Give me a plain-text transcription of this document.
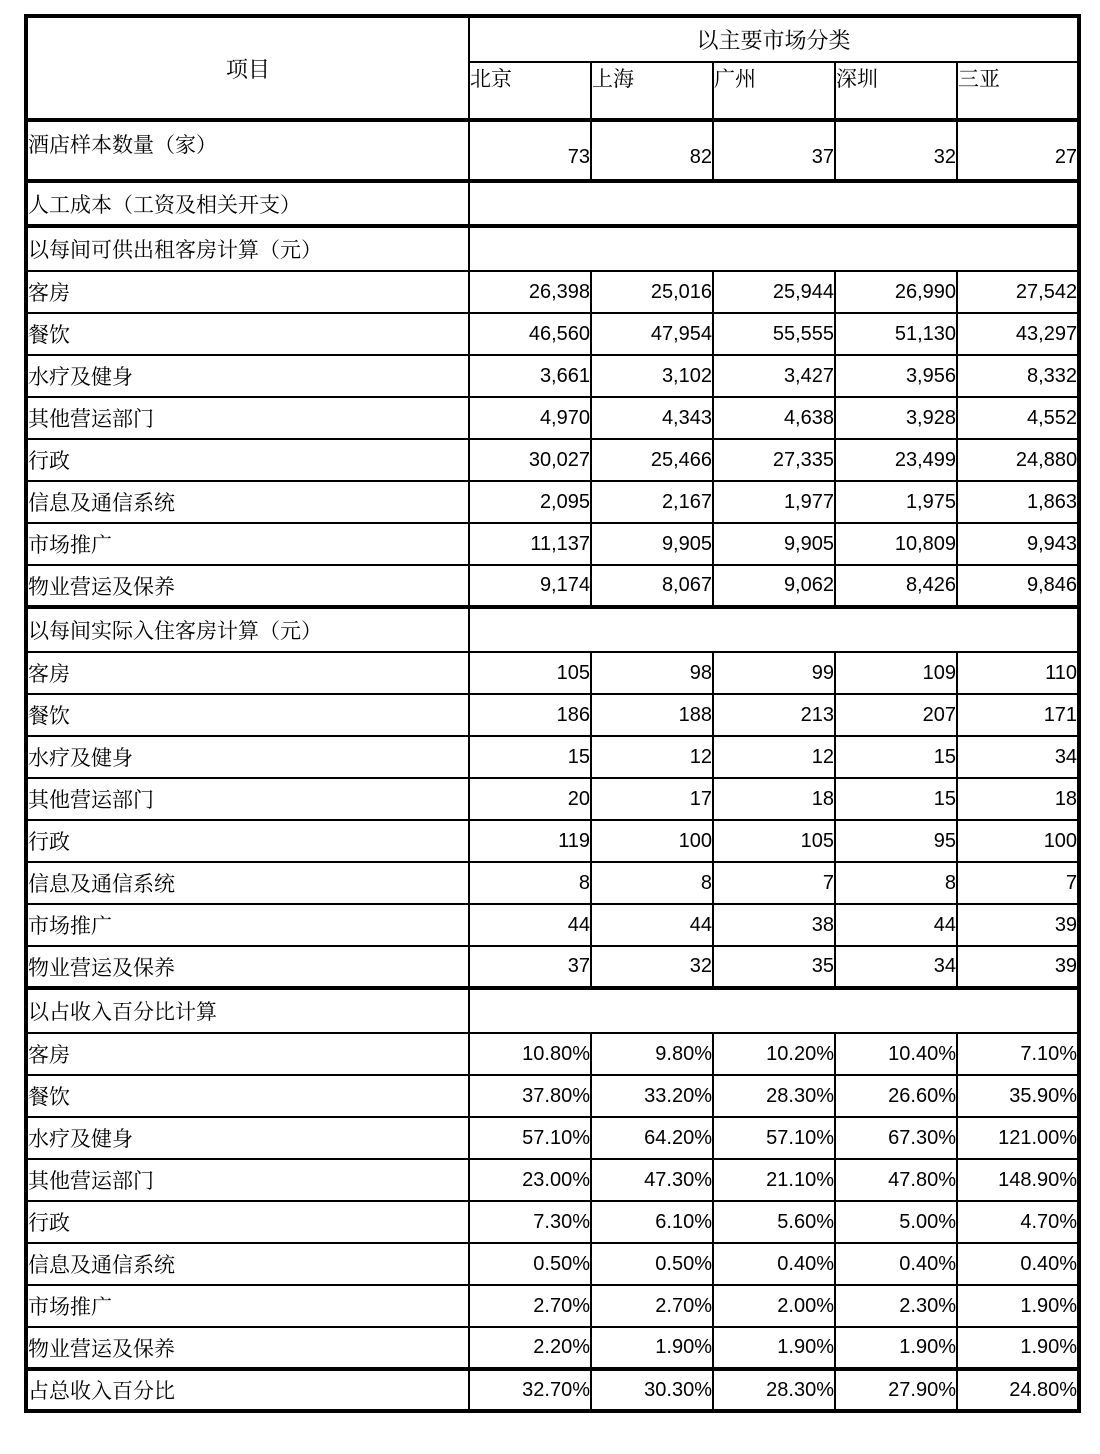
项目	以主要市场分类				
	北京	上海	广州	深圳	三亚
酒店样本数量（家）	73	82	37	32	27
人工成本（工资及相关开支）					
以每间可供出租客房计算（元）					
客房	26,398	25,016	25,944	26,990	27,542
餐饮	46,560	47,954	55,555	51,130	43,297
水疗及健身	3,661	3,102	3,427	3,956	8,332
其他营运部门	4,970	4,343	4,638	3,928	4,552
行政	30,027	25,466	27,335	23,499	24,880
信息及通信系统	2,095	2,167	1,977	1,975	1,863
市场推广	11,137	9,905	9,905	10,809	9,943
物业营运及保养	9,174	8,067	9,062	8,426	9,846
以每间实际入住客房计算（元）					
客房	105	98	99	109	110
餐饮	186	188	213	207	171
水疗及健身	15	12	12	15	34
其他营运部门	20	17	18	15	18
行政	119	100	105	95	100
信息及通信系统	8	8	7	8	7
市场推广	44	44	38	44	39
物业营运及保养	37	32	35	34	39
以占收入百分比计算					
客房	10.80%	9.80%	10.20%	10.40%	7.10%
餐饮	37.80%	33.20%	28.30%	26.60%	35.90%
水疗及健身	57.10%	64.20%	57.10%	67.30%	121.00%
其他营运部门	23.00%	47.30%	21.10%	47.80%	148.90%
行政	7.30%	6.10%	5.60%	5.00%	4.70%
信息及通信系统	0.50%	0.50%	0.40%	0.40%	0.40%
市场推广	2.70%	2.70%	2.00%	2.30%	1.90%
物业营运及保养	2.20%	1.90%	1.90%	1.90%	1.90%
占总收入百分比	32.70%	30.30%	28.30%	27.90%	24.80%
